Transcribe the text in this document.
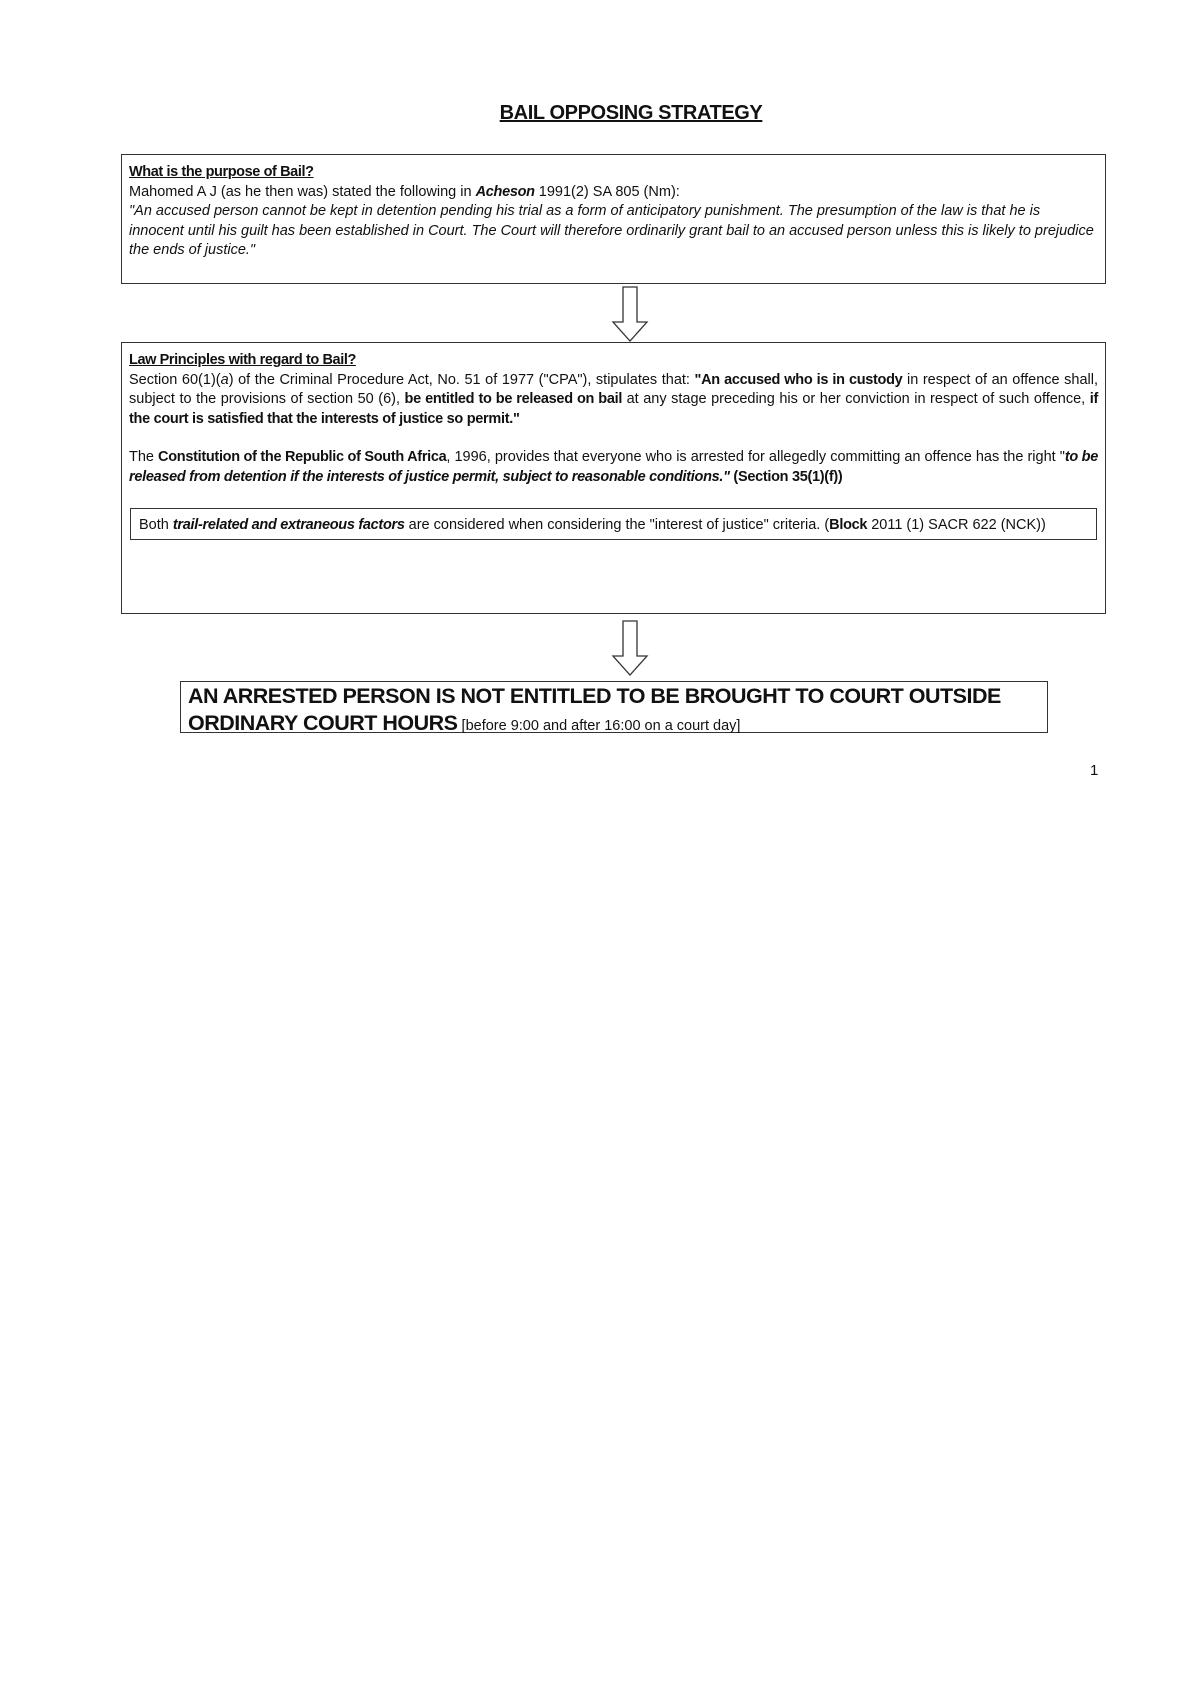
BAIL OPPOSING STRATEGY

What is the purpose of Bail?

Mahomed A J (as he then was) stated the following in Acheson 1991(2) SA 805 (Nm):

"An accused person cannot be kept in detention pending his trial as a form of anticipatory punishment. The presumption of the law is that he is innocent until his guilt has been established in Court. The Court will therefore ordinarily grant bail to an accused person unless this is likely to prejudice the ends of justice."

Law Principles with regard to Bail?

Section 60(1)(a) of the Criminal Procedure Act, No. 51 of 1977 ("CPA"), stipulates that: "An accused who is in custody in respect of an offence shall, subject to the provisions of section 50 (6), be entitled to be released on bail at any stage preceding his or her conviction in respect of such offence, if the court is satisfied that the interests of justice so permit."

The Constitution of the Republic of South Africa, 1996, provides that everyone who is arrested for allegedly committing an offence has the right "to be released from detention if the interests of justice permit, subject to reasonable conditions." (Section 35(1)(f))

Both trail-related and extraneous factors are considered when considering the "interest of justice" criteria. (Block 2011 (1) SACR 622 (NCK))
AN ARRESTED PERSON IS NOT ENTITLED TO BE BROUGHT TO COURT OUTSIDE ORDINARY COURT HOURS [before 9:00 and after 16:00 on a court day]
1
